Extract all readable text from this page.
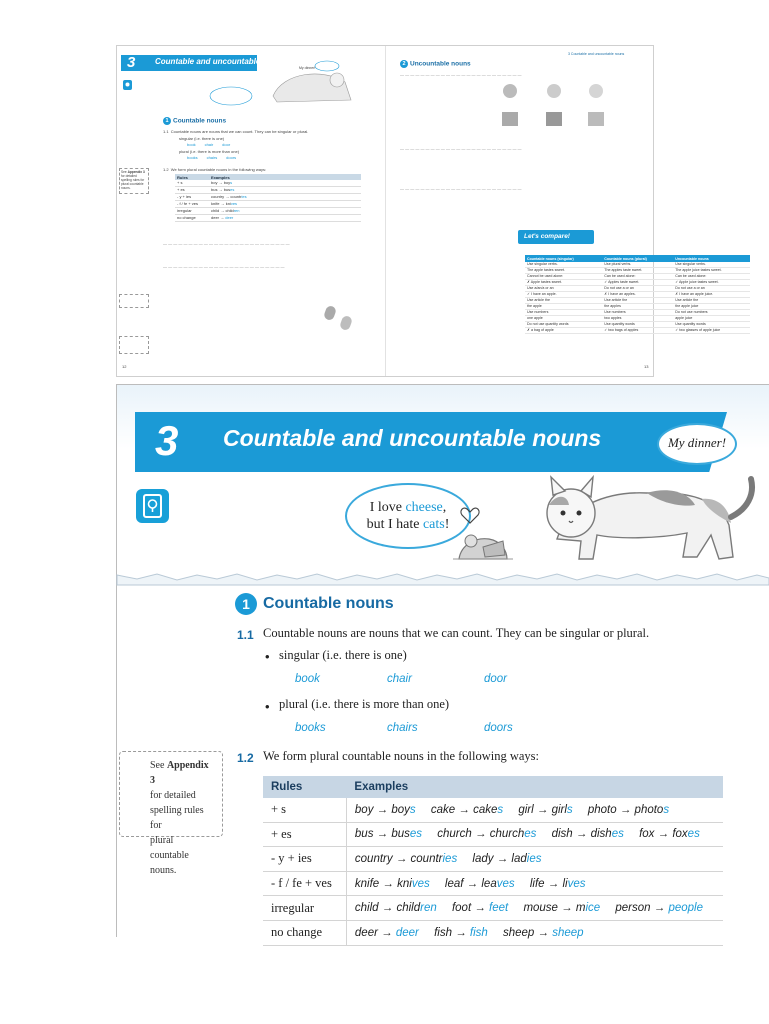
3 Countable and uncountable nouns
My dinner!
1 Countable nouns
1.1 Countable nouns are nouns that we can count. They can be singular or plural.
singular (i.e. there is one)
book chair door
plural (i.e. there is more than one)
books chairs doors
See Appendix 3 for detailed spelling rules for plural countable nouns.
1.2 We form plural countable nouns in the following ways:
Rules	Examples
+ s	boy → boys
+ es	bus → buses
- y + ies	country → countries
- f / fe + ves	knife → knives
irregular	child → children
no change	deer → deer
— — — — — — — — — — — — — — — — — — — — — — — — —
— — — — — — — — — — — — — — — — — — — — — — — —
12
3 Countable and uncountable nouns
2 Uncountable nouns
— — — — — — — — — — — — — — — — — — — — — — — —
— — — — — — — — — — — — — — — — — — — — — — — —
— — — — — — — — — — — — — — — — — — — — — — — —
Let's compare!
Countable nouns (singular)	Countable nouns (plural)	Uncountable nouns
Use singular verbs.	Use plural verbs.	Use singular verbs.
The apple tastes sweet.	The apples taste sweet.	The apple juice tastes sweet.
Cannot be used alone:	Can be used alone:	Can be used alone:
✗ Apple tastes sweet.	✓ Apples taste sweet.	✓ Apple juice tastes sweet.
Use a/an/a or an	Do not use a or an	Do not use a or an
✓ I have an apple.	✗ I have an apples.	✗ I have an apple juice.
Use article the	Use article the	Use article the
the apple	the apples	the apple juice
Use numbers	Use numbers	Do not use numbers
one apple	two apples	apple juice
Do not use quantity words	Use quantity words	Use quantity words
✗ a bag of apple	✓ two bags of apples	✓ two glasses of apple juice
13
3 Countable and uncountable nouns	My dinner!
I love cheese,
but I hate cats!
1 Countable nouns
1.1 Countable nouns are nouns that we can count. They can be singular or plural.
• singular (i.e. there is one)
book	chair	door
• plural (i.e. there is more than one)
books	chairs	doors
See Appendix 3
for detailed
spelling rules for
plural countable
nouns.
1.2 We form plural countable nouns in the following ways:
Rules	Examples
+ s	boy → boys cake → cakes girl → girls photo → photos
+ es	bus → buses church → churches dish → dishes fox → foxes
- y + ies	country → countries lady → ladies
- f / fe + ves	knife → knives leaf → leaves life → lives
irregular	child → children foot → feet mouse → mice person → people
no change	deer → deer fish → fish sheep → sheep
